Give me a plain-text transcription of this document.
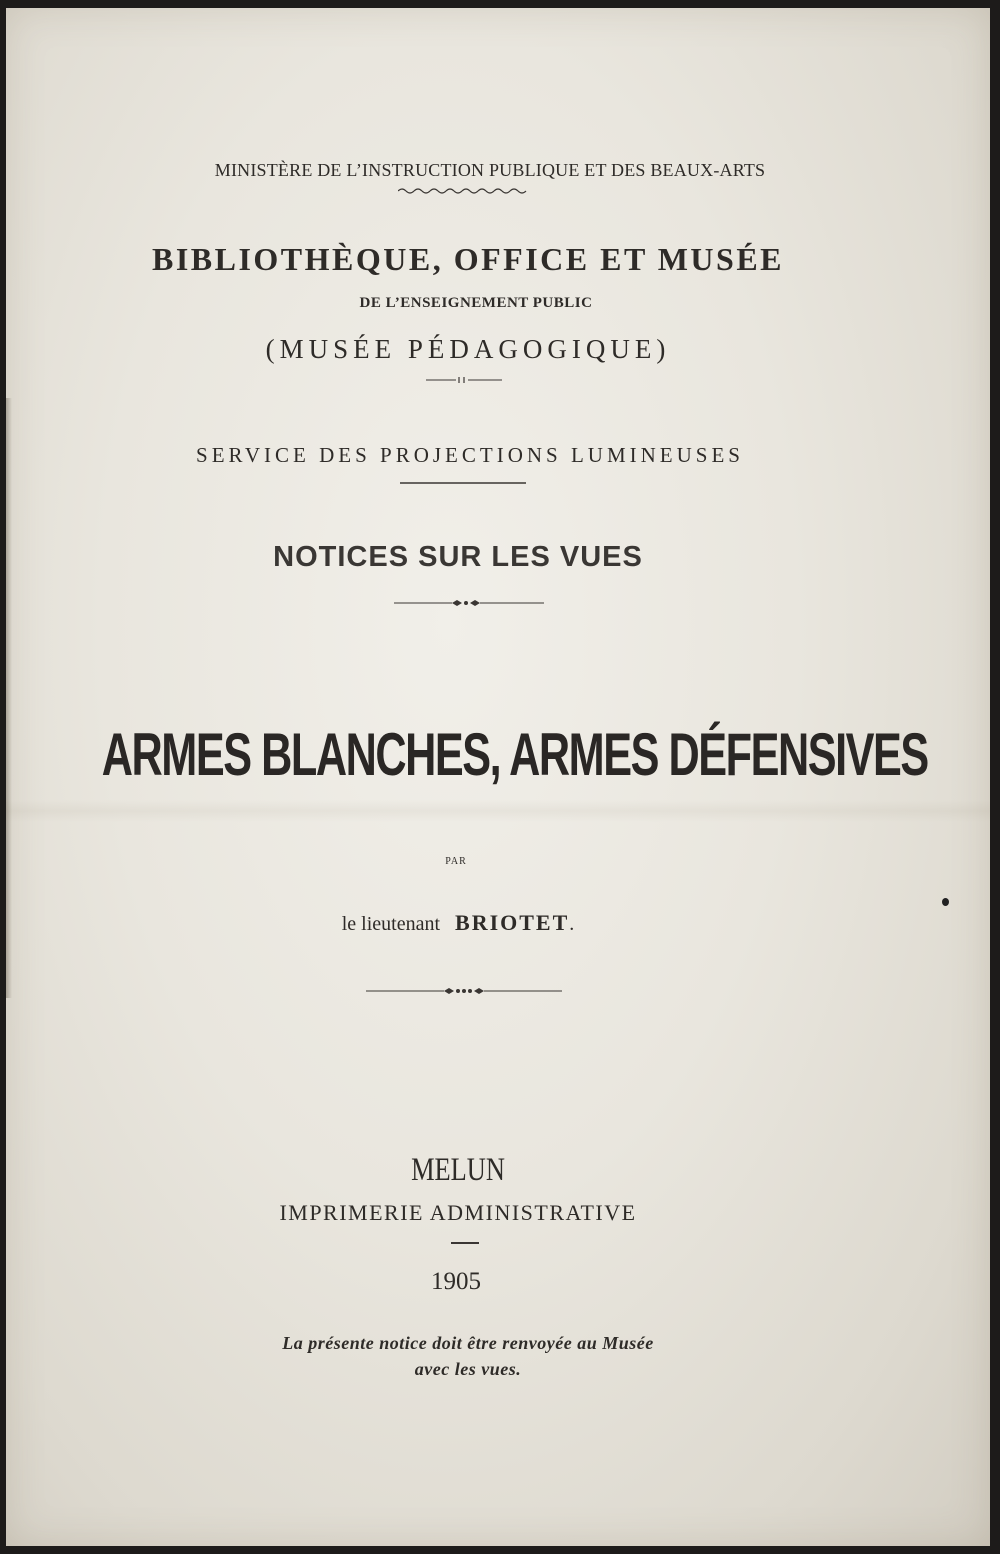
MINISTÈRE DE L’INSTRUCTION PUBLIQUE ET DES BEAUX-ARTS
BIBLIOTHÈQUE, OFFICE ET MUSÉE
DE L’ENSEIGNEMENT PUBLIC
(MUSÉE PÉDAGOGIQUE)
SERVICE DES PROJECTIONS LUMINEUSES
NOTICES SUR LES VUES
ARMES BLANCHES, ARMES DÉFENSIVES
PAR
le lieutenant BRIOTET.
MELUN
IMPRIMERIE ADMINISTRATIVE
1905
La présente notice doit être renvoyée au Musée
avec les vues.
